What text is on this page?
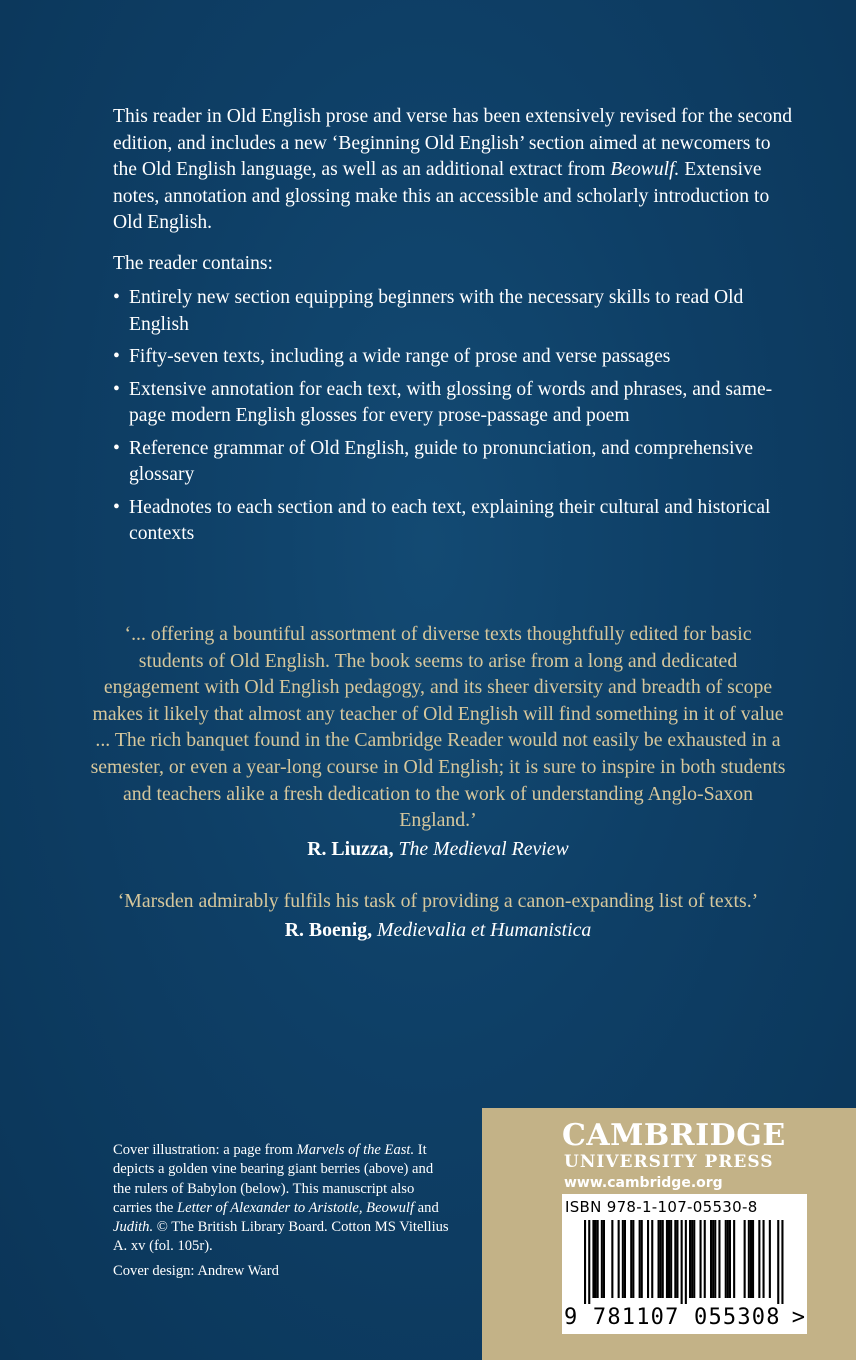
This reader in Old English prose and verse has been extensively revised for the second edition, and includes a new ‘Beginning Old English’ section aimed at newcomers to the Old English language, as well as an additional extract from Beowulf. Extensive notes, annotation and glossing make this an accessible and scholarly introduction to Old English.

The reader contains:

• Entirely new section equipping beginners with the necessary skills to read Old English
• Fifty-seven texts, including a wide range of prose and verse passages
• Extensive annotation for each text, with glossing of words and phrases, and same-page modern English glosses for every prose-passage and poem
• Reference grammar of Old English, guide to pronunciation, and comprehensive glossary
• Headnotes to each section and to each text, explaining their cultural and historical contexts

‘... offering a bountiful assortment of diverse texts thoughtfully edited for basic students of Old English. The book seems to arise from a long and dedicated engagement with Old English pedagogy, and its sheer diversity and breadth of scope makes it likely that almost any teacher of Old English will find something in it of value ... The rich banquet found in the Cambridge Reader would not easily be exhausted in a semester, or even a year-long course in Old English; it is sure to inspire in both students and teachers alike a fresh dedication to the work of understanding Anglo-Saxon England.’

R. Liuzza, The Medieval Review

‘Marsden admirably fulfils his task of providing a canon-expanding list of texts.’

R. Boenig, Medievalia et Humanistica

Cover illustration: a page from Marvels of the East. It depicts a golden vine bearing giant berries (above) and the rulers of Babylon (below). This manuscript also carries the Letter of Alexander to Aristotle, Beowulf and Judith. © The British Library Board. Cotton MS Vitellius A. xv (fol. 105r).

Cover design: Andrew Ward

CAMBRIDGE
UNIVERSITY PRESS
www.cambridge.org
ISBN 978-1-107-05530-8
9 781107 055308 >
